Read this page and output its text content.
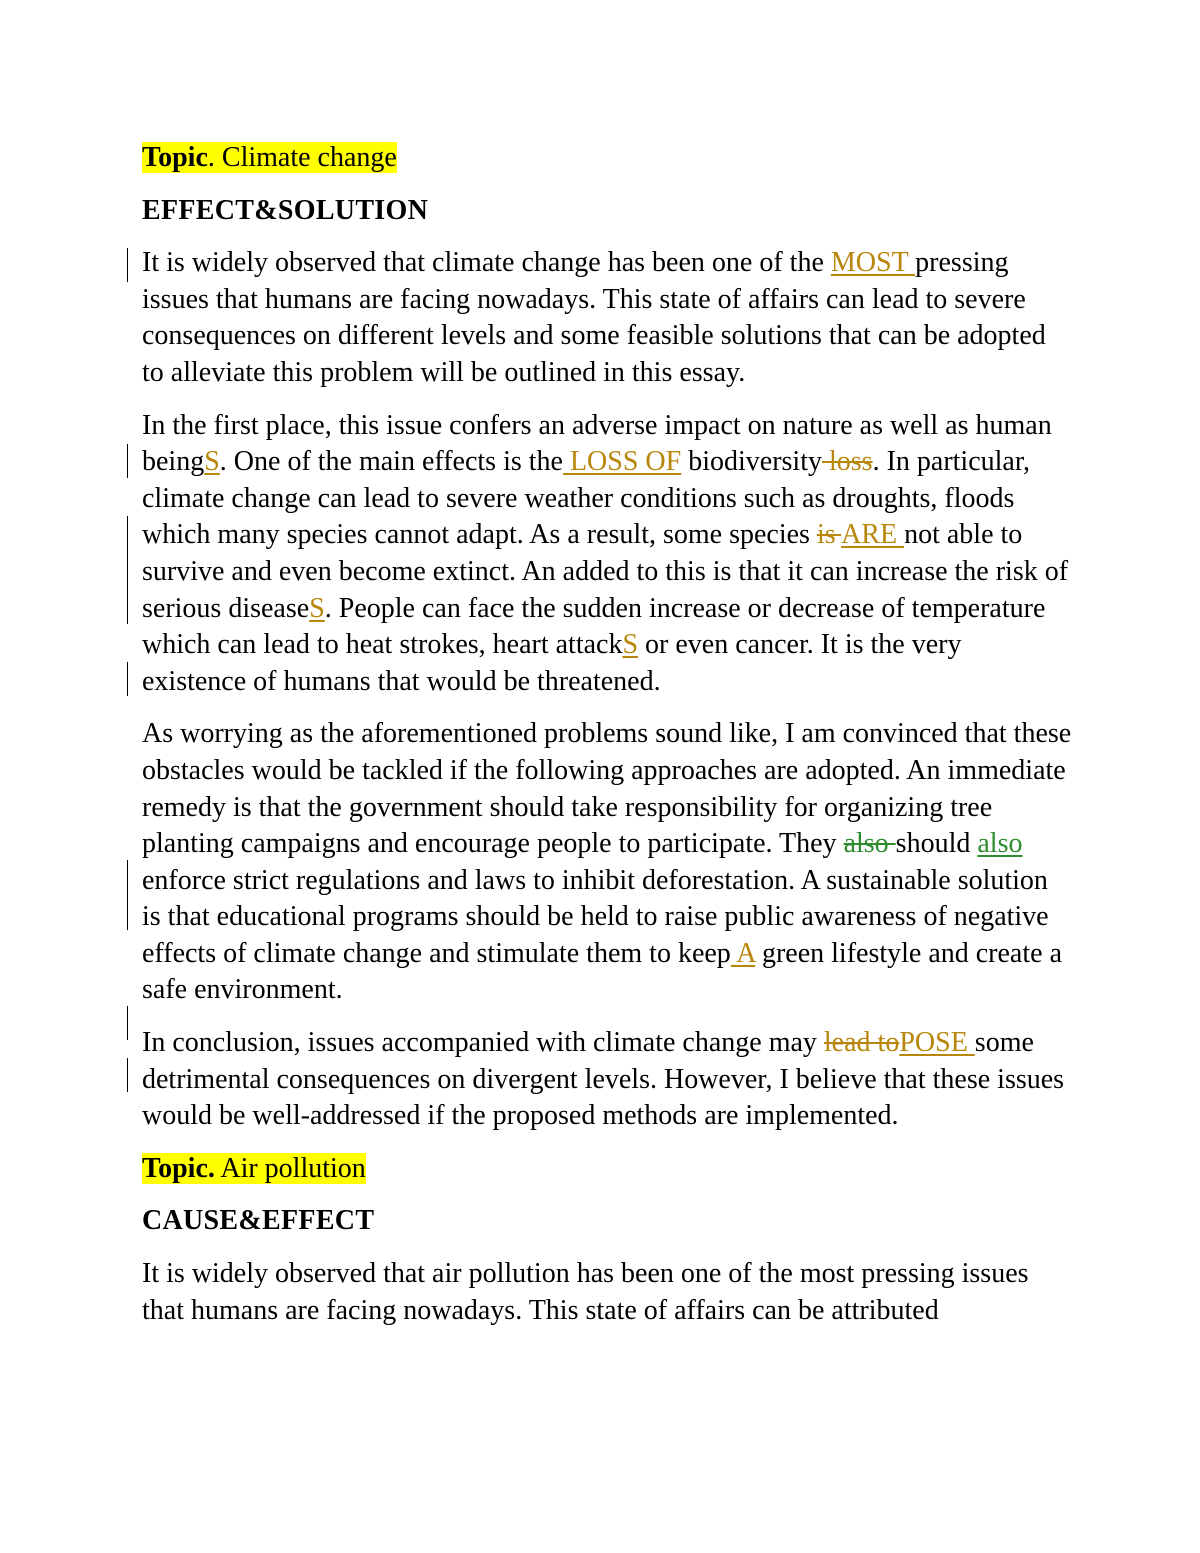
Topic. Climate change

EFFECT&SOLUTION

It is widely observed that climate change has been one of the MOST pressing issues that humans are facing nowadays. This state of affairs can lead to severe consequences on different levels and some feasible solutions that can be adopted to alleviate this problem will be outlined in this essay.

In the first place, this issue confers an adverse impact on nature as well as human beingS. One of the main effects is the LOSS OF biodiversity loss. In particular, climate change can lead to severe weather conditions such as droughts, floods which many species cannot adapt. As a result, some species is ARE not able to survive and even become extinct. An added to this is that it can increase the risk of serious diseaseS. People can face the sudden increase or decrease of temperature which can lead to heat strokes, heart attackS or even cancer. It is the very existence of humans that would be threatened.

As worrying as the aforementioned problems sound like, I am convinced that these obstacles would be tackled if the following approaches are adopted. An immediate remedy is that the government should take responsibility for organizing tree planting campaigns and encourage people to participate. They also should also enforce strict regulations and laws to inhibit deforestation. A sustainable solution is that educational programs should be held to raise public awareness of negative effects of climate change and stimulate them to keep A green lifestyle and create a safe environment.

In conclusion, issues accompanied with climate change may lead toPOSE some detrimental consequences on divergent levels. However, I believe that these issues would be well-addressed if the proposed methods are implemented.

Topic. Air pollution

CAUSE&EFFECT

It is widely observed that air pollution has been one of the most pressing issues that humans are facing nowadays. This state of affairs can be attributed
